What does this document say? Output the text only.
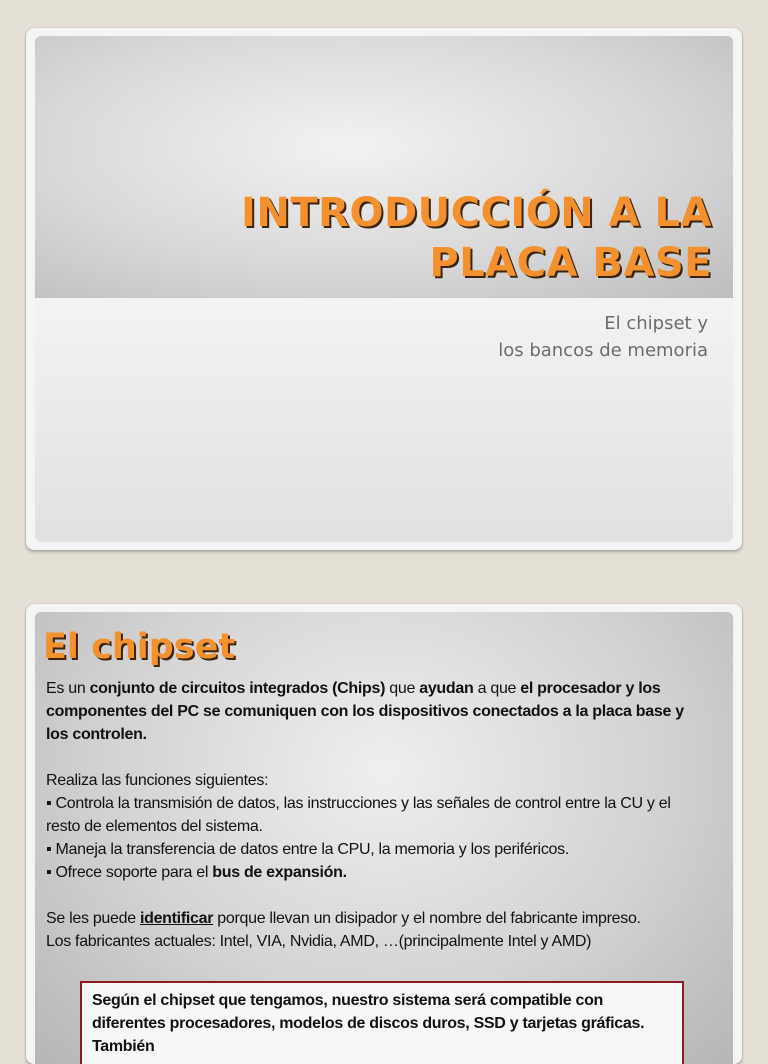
INTRODUCCIÓN A LA
PLACA BASE
El chipset y
los bancos de memoria
El chipset

Es un conjunto de circuitos integrados (Chips) que ayudan a que el procesador y los componentes del PC se comuniquen con los dispositivos conectados a la placa base y los controlen.

Realiza las funciones siguientes:

▪ Controla la transmisión de datos, las instrucciones y las señales de control entre la CU y el resto de elementos del sistema.

▪ Maneja la transferencia de datos entre la CPU, la memoria y los periféricos.

▪ Ofrece soporte para el bus de expansión.

Se les puede identificar porque llevan un disipador y el nombre del fabricante impreso.

Los fabricantes actuales: Intel, VIA, Nvidia, AMD, …(principalmente Intel y AMD)

Según el chipset que tengamos, nuestro sistema será compatible con diferentes procesadores, modelos de discos duros, SSD y tarjetas gráficas. También
